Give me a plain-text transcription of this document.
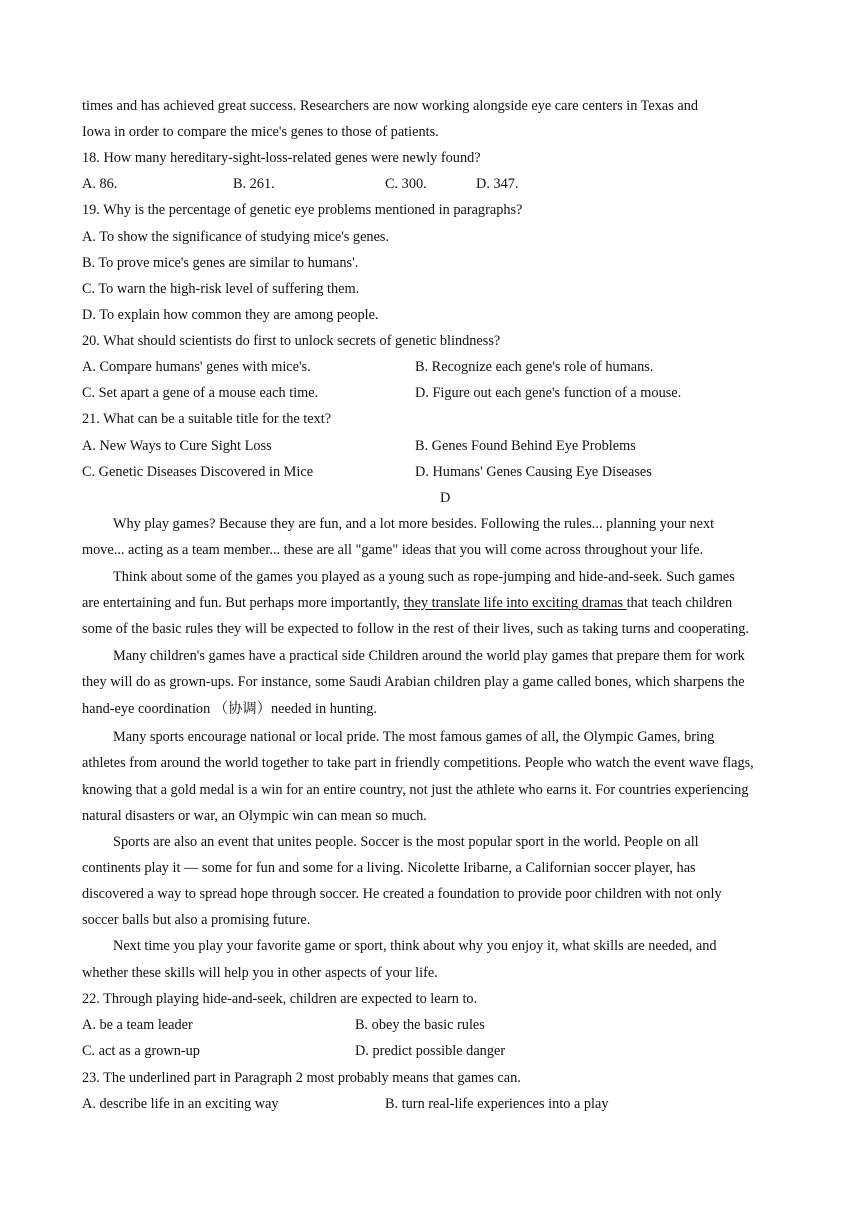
times and has achieved great success. Researchers are now working alongside eye care centers in Texas and
Iowa in order to compare the mice's genes to those of patients.
18. How many hereditary-sight-loss-related genes were newly found?
A. 86.	B. 261.	C. 300.	D. 347.
19. Why is the percentage of genetic eye problems mentioned in paragraphs?
A. To show the significance of studying mice's genes.
B. To prove mice's genes are similar to humans'.
C. To warn the high-risk level of suffering them.
D. To explain how common they are among people.
20. What should scientists do first to unlock secrets of genetic blindness?
A. Compare humans' genes with mice's.	B. Recognize each gene's role of humans.
C. Set apart a gene of a mouse each time.	D. Figure out each gene's function of a mouse.
21. What can be a suitable title for the text?
A. New Ways to Cure Sight Loss	B. Genes Found Behind Eye Problems
C. Genetic Diseases Discovered in Mice	D. Humans' Genes Causing Eye Diseases
D
Why play games? Because they are fun, and a lot more besides. Following the rules... planning your next
move... acting as a team member... these are all "game" ideas that you will come across throughout your life.
Think about some of the games you played as a young such as rope-jumping and hide-and-seek. Such games
are entertaining and fun. But perhaps more importantly, they translate life into exciting dramas that teach children
some of the basic rules they will be expected to follow in the rest of their lives, such as taking turns and cooperating.
Many children's games have a practical side Children around the world play games that prepare them for work
they will do as grown-ups. For instance, some Saudi Arabian children play a game called bones, which sharpens the
hand-eye coordination （协调）needed in hunting.
Many sports encourage national or local pride. The most famous games of all, the Olympic Games, bring
athletes from around the world together to take part in friendly competitions. People who watch the event wave flags,
knowing that a gold medal is a win for an entire country, not just the athlete who earns it. For countries experiencing
natural disasters or war, an Olympic win can mean so much.
Sports are also an event that unites people. Soccer is the most popular sport in the world. People on all
continents play it — some for fun and some for a living. Nicolette Iribarne, a Californian soccer player, has
discovered a way to spread hope through soccer. He created a foundation to provide poor children with not only
soccer balls but also a promising future.
Next time you play your favorite game or sport, think about why you enjoy it, what skills are needed, and
whether these skills will help you in other aspects of your life.
22. Through playing hide-and-seek, children are expected to learn to.
A. be a team leader	B. obey the basic rules
C. act as a grown-up	D. predict possible danger
23. The underlined part in Paragraph 2 most probably means that games can.
A. describe life in an exciting way	B. turn real-life experiences into a play
